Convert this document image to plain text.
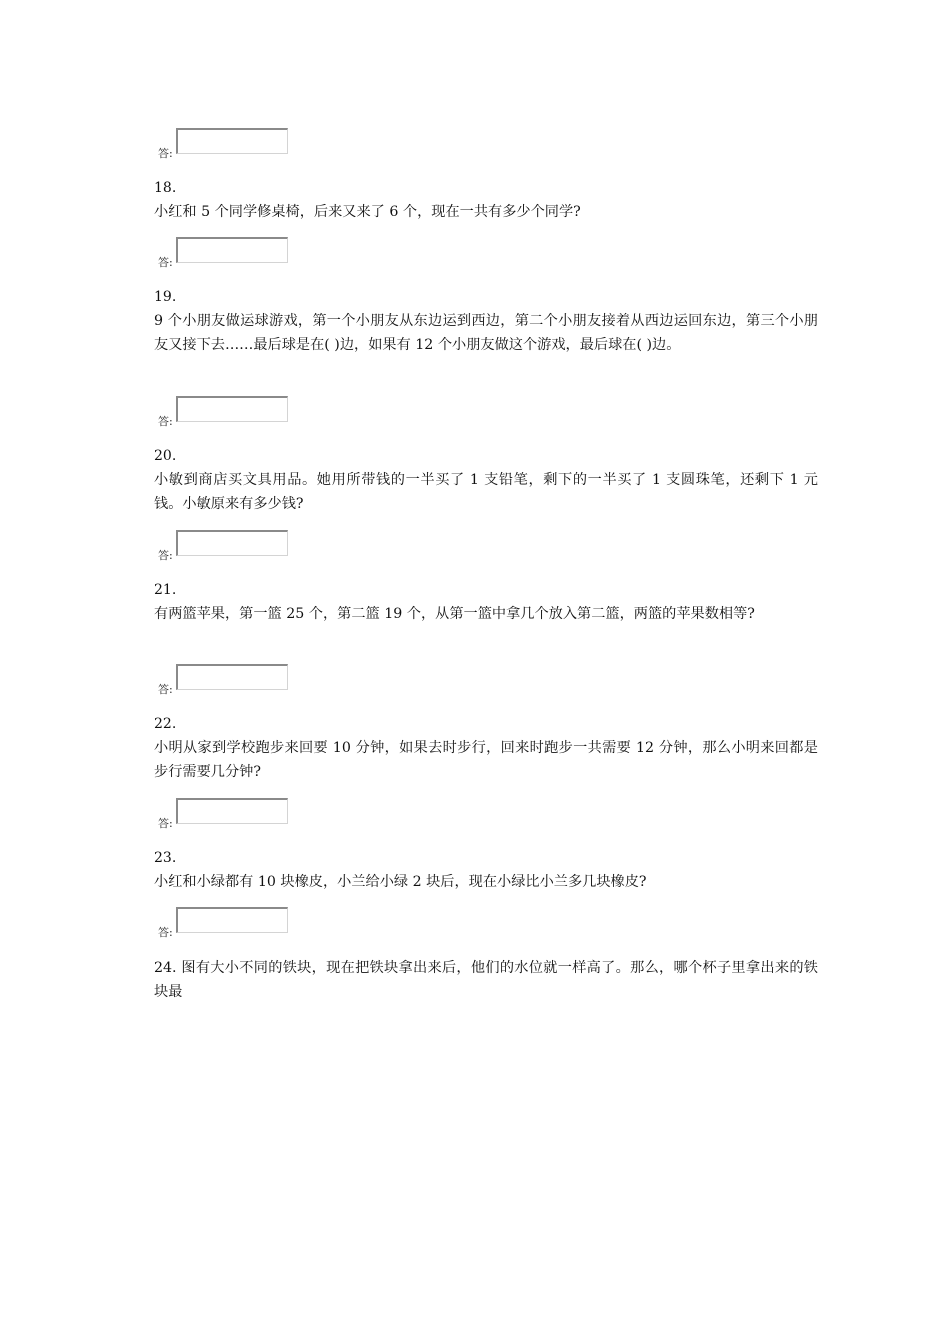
答:

18.

小红和 5 个同学修桌椅，后来又来了 6 个，现在一共有多少个同学?

答:

19.

9 个小朋友做运球游戏，第一个小朋友从东边运到西边，第二个小朋友接着从西边运回东边，第三个小朋友又接下去……最后球是在( )边，如果有 12 个小朋友做这个游戏，最后球在( )边。

答:

20.

小敏到商店买文具用品。她用所带钱的一半买了 1 支铅笔，剩下的一半买了 1 支圆珠笔，还剩下 1 元钱。小敏原来有多少钱?

答:

21.

有两篮苹果，第一篮 25 个，第二篮 19 个，从第一篮中拿几个放入第二篮，两篮的苹果数相等?

答:

22.

小明从家到学校跑步来回要 10 分钟，如果去时步行，回来时跑步一共需要 12 分钟，那么小明来回都是步行需要几分钟?

答:

23.

小红和小绿都有 10 块橡皮，小兰给小绿 2 块后，现在小绿比小兰多几块橡皮?

答:

24. 图有大小不同的铁块，现在把铁块拿出来后，他们的水位就一样高了。那么，哪个杯子里拿出来的铁块最
